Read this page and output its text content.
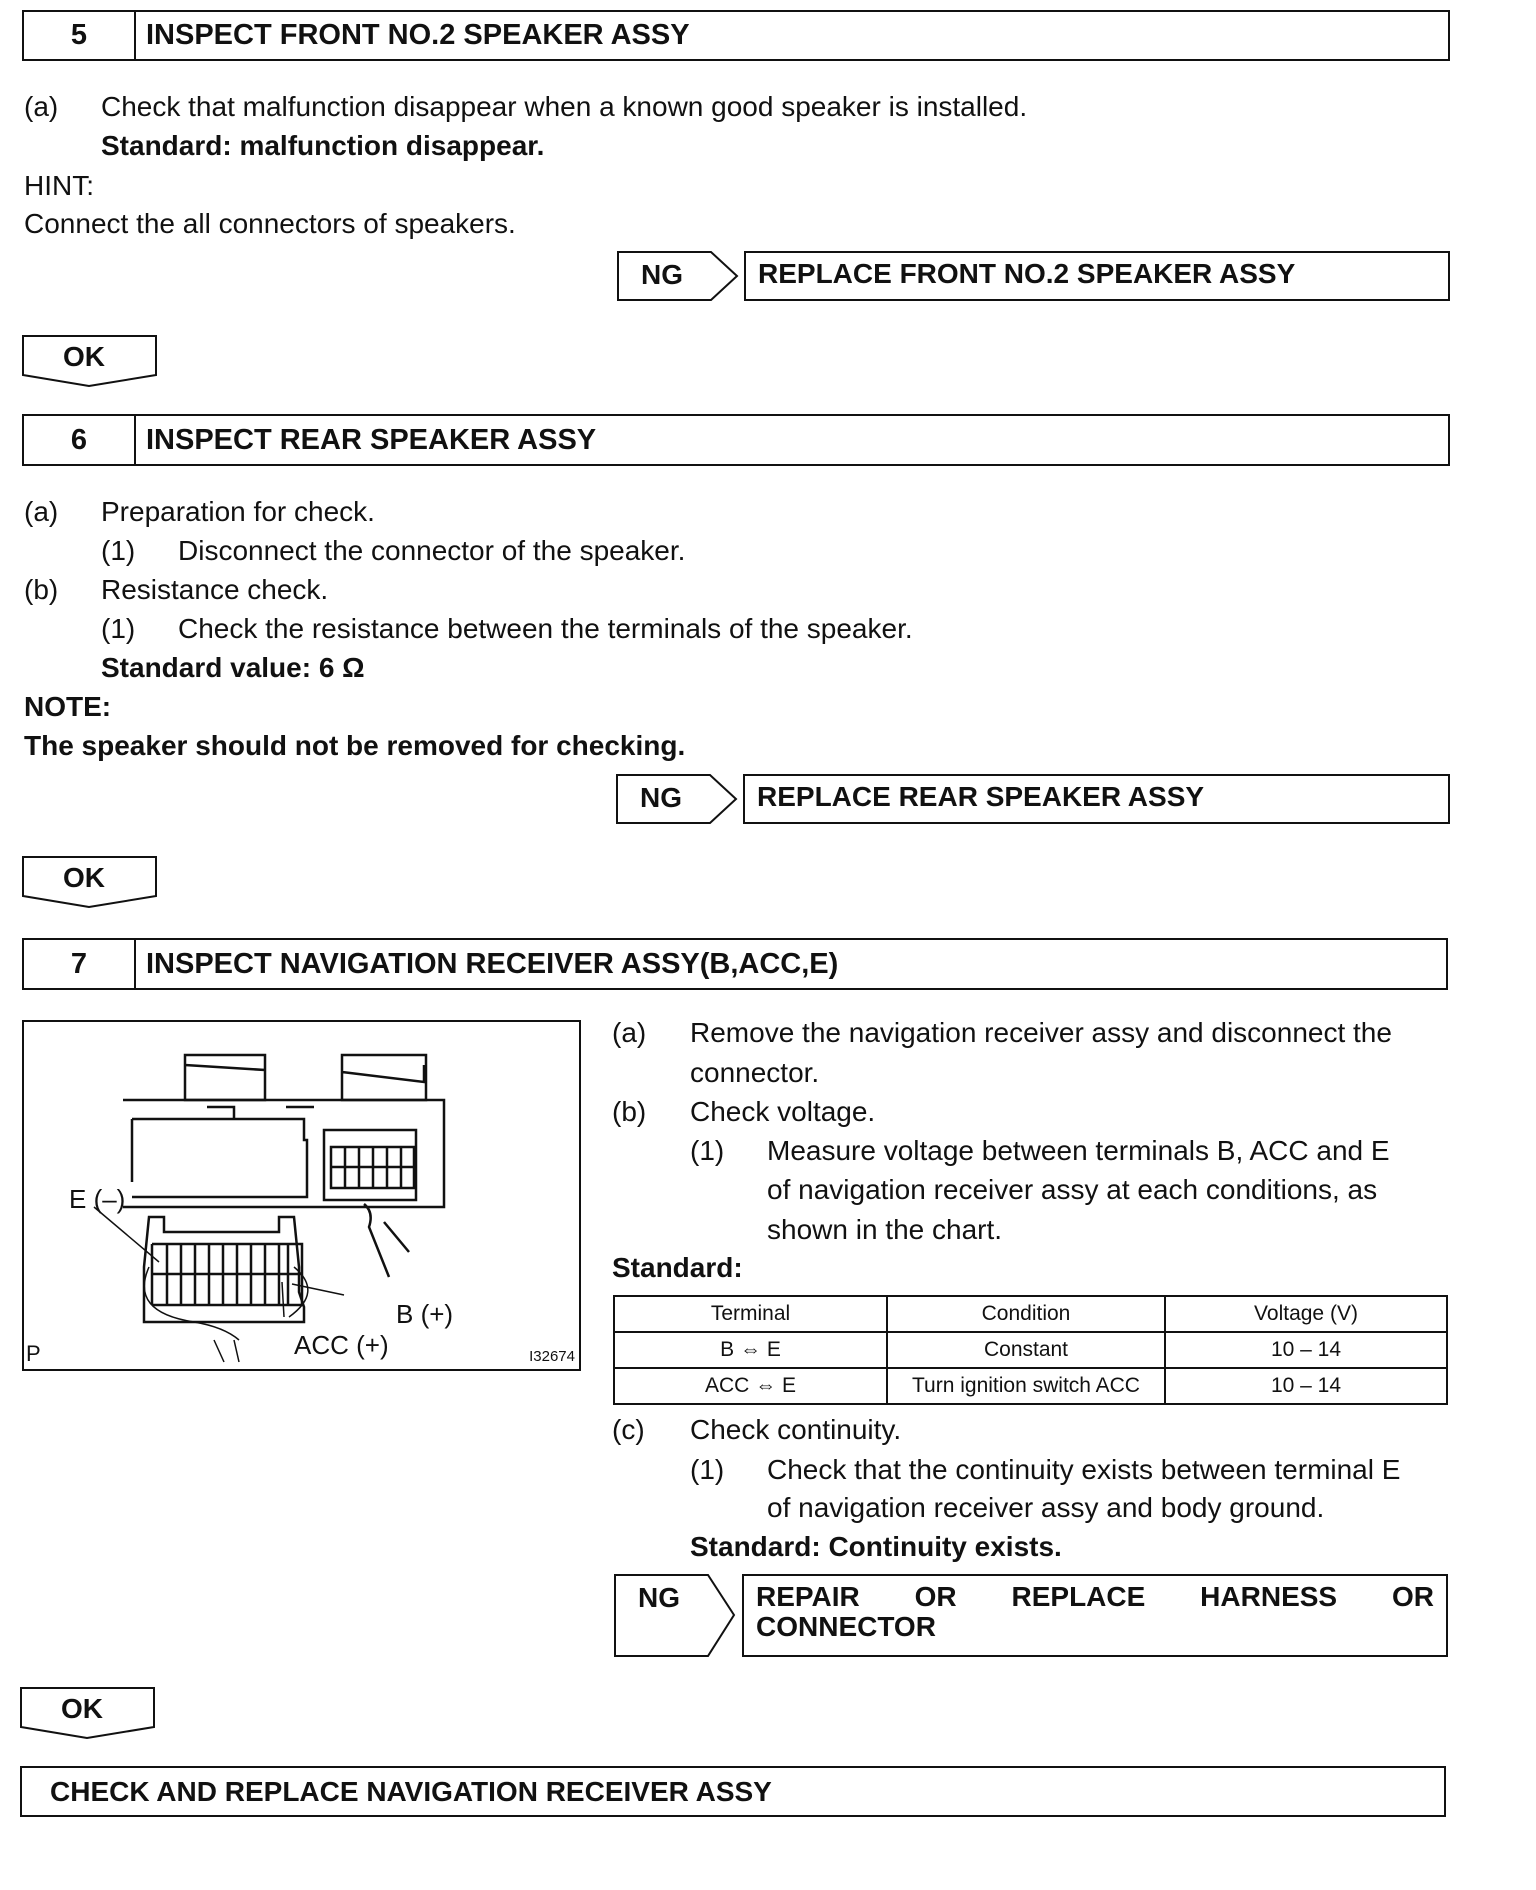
5	INSPECT FRONT NO.2 SPEAKER ASSY
(a) Check that malfunction disappear when a known good speaker is installed.
Standard: malfunction disappear.
HINT:
Connect the all connectors of speakers.
NG	REPLACE FRONT NO.2 SPEAKER ASSY
OK
6	INSPECT REAR SPEAKER ASSY
(a) Preparation for check.
(1) Disconnect the connector of the speaker.
(b) Resistance check.
(1) Check the resistance between the terminals of the speaker.
Standard value: 6 Ω
NOTE:
The speaker should not be removed for checking.
NG	REPLACE REAR SPEAKER ASSY
OK
7	INSPECT NAVIGATION RECEIVER ASSY(B,ACC,E)
E (–)
B (+)
ACC (+)
P	I32674
(a) Remove the navigation receiver assy and disconnect the
connector.
(b) Check voltage.
(1) Measure voltage between terminals B, ACC and E
of navigation receiver assy at each conditions, as
shown in the chart.
Standard:
Terminal	Condition	Voltage (V)
B ⇔ E	Constant	10 – 14
ACC ⇔ E	Turn ignition switch ACC	10 – 14
(c) Check continuity.
(1) Check that the continuity exists between terminal E
of navigation receiver assy and body ground.
Standard: Continuity exists.
NG	REPAIR OR REPLACE HARNESS OR
CONNECTOR
OK
CHECK AND REPLACE NAVIGATION RECEIVER ASSY
